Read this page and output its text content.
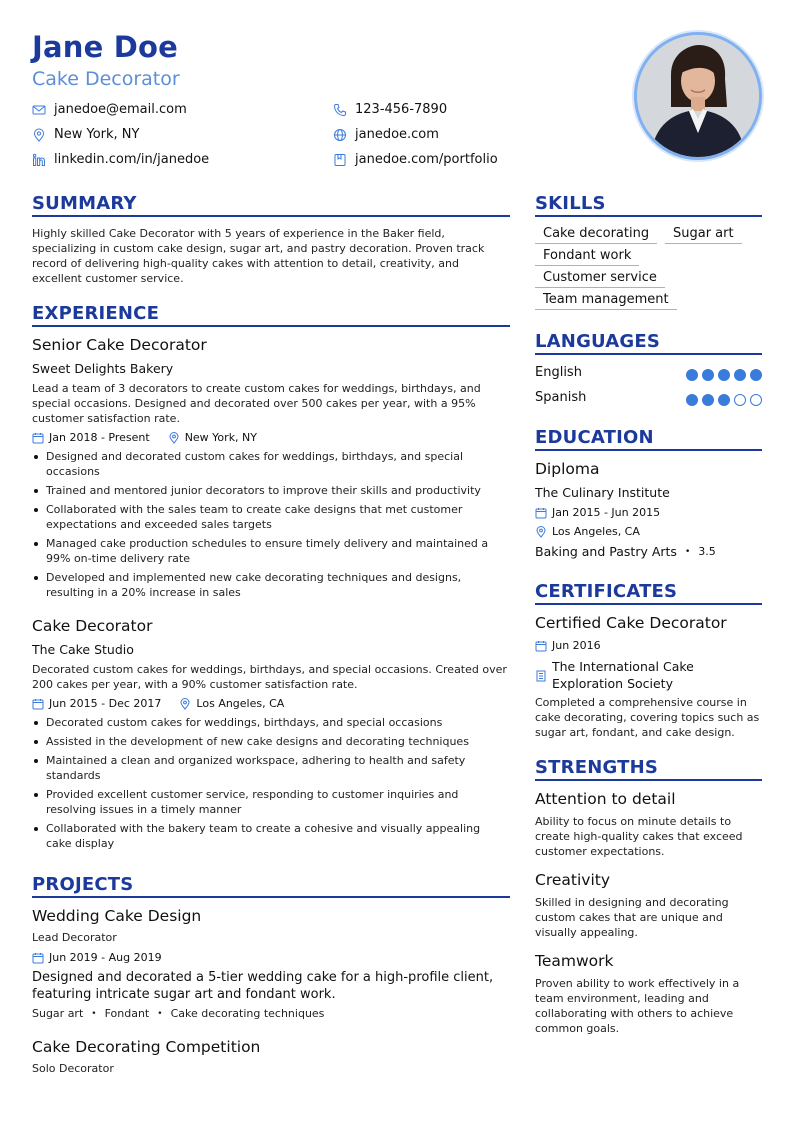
Jane Doe
Cake Decorator
janedoe@email.com	123-456-7890
New York, NY	janedoe.com
linkedin.com/in/janedoe	janedoe.com/portfolio
SUMMARY
Highly skilled Cake Decorator with 5 years of experience in the Baker field, specializing in custom cake design, sugar art, and pastry decoration. Proven track record of delivering high-quality cakes with attention to detail, creativity, and excellent customer service.
EXPERIENCE
Senior Cake Decorator
Sweet Delights Bakery
Lead a team of 3 decorators to create custom cakes for weddings, birthdays, and special occasions. Designed and decorated over 500 cakes per year, with a 95% customer satisfaction rate.
Jan 2018 - Present	New York, NY
Designed and decorated custom cakes for weddings, birthdays, and special occasions
Trained and mentored junior decorators to improve their skills and productivity
Collaborated with the sales team to create cake designs that met customer expectations and exceeded sales targets
Managed cake production schedules to ensure timely delivery and maintained a 99% on-time delivery rate
Developed and implemented new cake decorating techniques and designs, resulting in a 20% increase in sales
Cake Decorator
The Cake Studio
Decorated custom cakes for weddings, birthdays, and special occasions. Created over 200 cakes per year, with a 90% customer satisfaction rate.
Jun 2015 - Dec 2017	Los Angeles, CA
Decorated custom cakes for weddings, birthdays, and special occasions
Assisted in the development of new cake designs and decorating techniques
Maintained a clean and organized workspace, adhering to health and safety standards
Provided excellent customer service, responding to customer inquiries and resolving issues in a timely manner
Collaborated with the bakery team to create a cohesive and visually appealing cake display
PROJECTS
Wedding Cake Design
Lead Decorator
Jun 2019 - Aug 2019
Designed and decorated a 5-tier wedding cake for a high-profile client, featuring intricate sugar art and fondant work.
Sugar art • Fondant • Cake decorating techniques
Cake Decorating Competition
Solo Decorator
SKILLS
Cake decorating	Sugar art
Fondant work
Customer service
Team management
LANGUAGES
English
Spanish
EDUCATION
Diploma
The Culinary Institute
Jan 2015 - Jun 2015
Los Angeles, CA
Baking and Pastry Arts • 3.5
CERTIFICATES
Certified Cake Decorator
Jun 2016
The International Cake Exploration Society
Completed a comprehensive course in cake decorating, covering topics such as sugar art, fondant, and cake design.
STRENGTHS
Attention to detail
Ability to focus on minute details to create high-quality cakes that exceed customer expectations.
Creativity
Skilled in designing and decorating custom cakes that are unique and visually appealing.
Teamwork
Proven ability to work effectively in a team environment, leading and collaborating with others to achieve common goals.
